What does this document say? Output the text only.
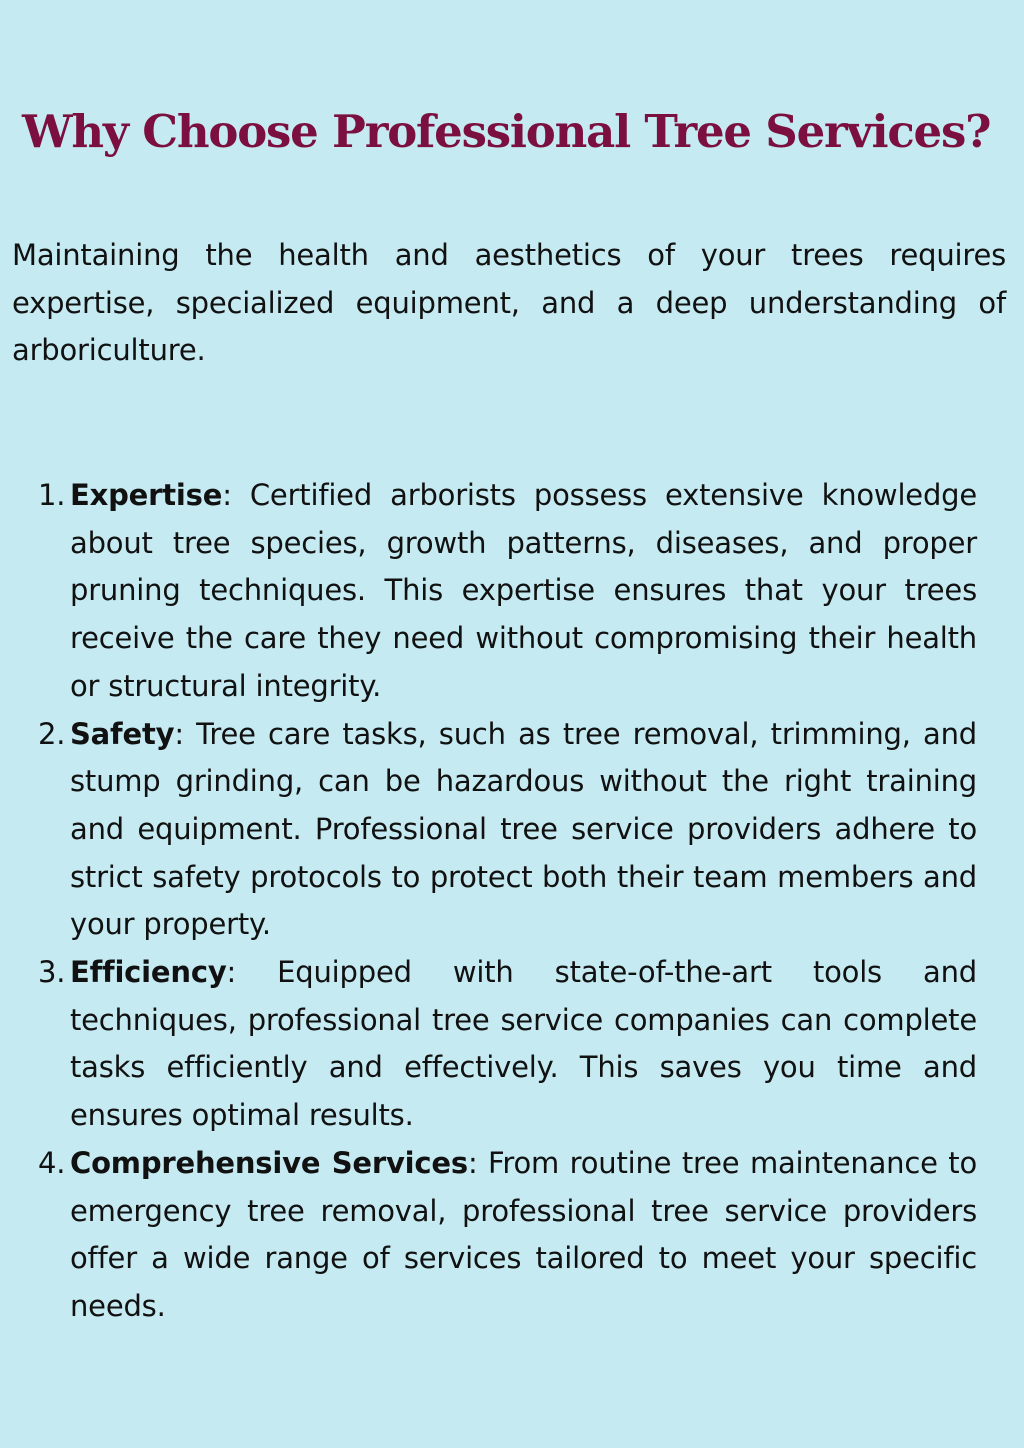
Why Choose Professional Tree Services?

Maintaining the health and aesthetics of your trees requires expertise, specialized equipment, and a deep understanding of arboriculture.

1. Expertise: Certified arborists possess extensive knowledge about tree species, growth patterns, diseases, and proper pruning techniques. This expertise ensures that your trees receive the care they need without compromising their health or structural integrity.
2. Safety: Tree care tasks, such as tree removal, trimming, and stump grinding, can be hazardous without the right training and equipment. Professional tree service providers adhere to strict safety protocols to protect both their team members and your property.
3. Efficiency: Equipped with state-of-the-art tools and techniques, professional tree service companies can complete tasks efficiently and effectively. This saves you time and ensures optimal results.
4. Comprehensive Services: From routine tree maintenance to emergency tree removal, professional tree service providers offer a wide range of services tailored to meet your specific needs.
